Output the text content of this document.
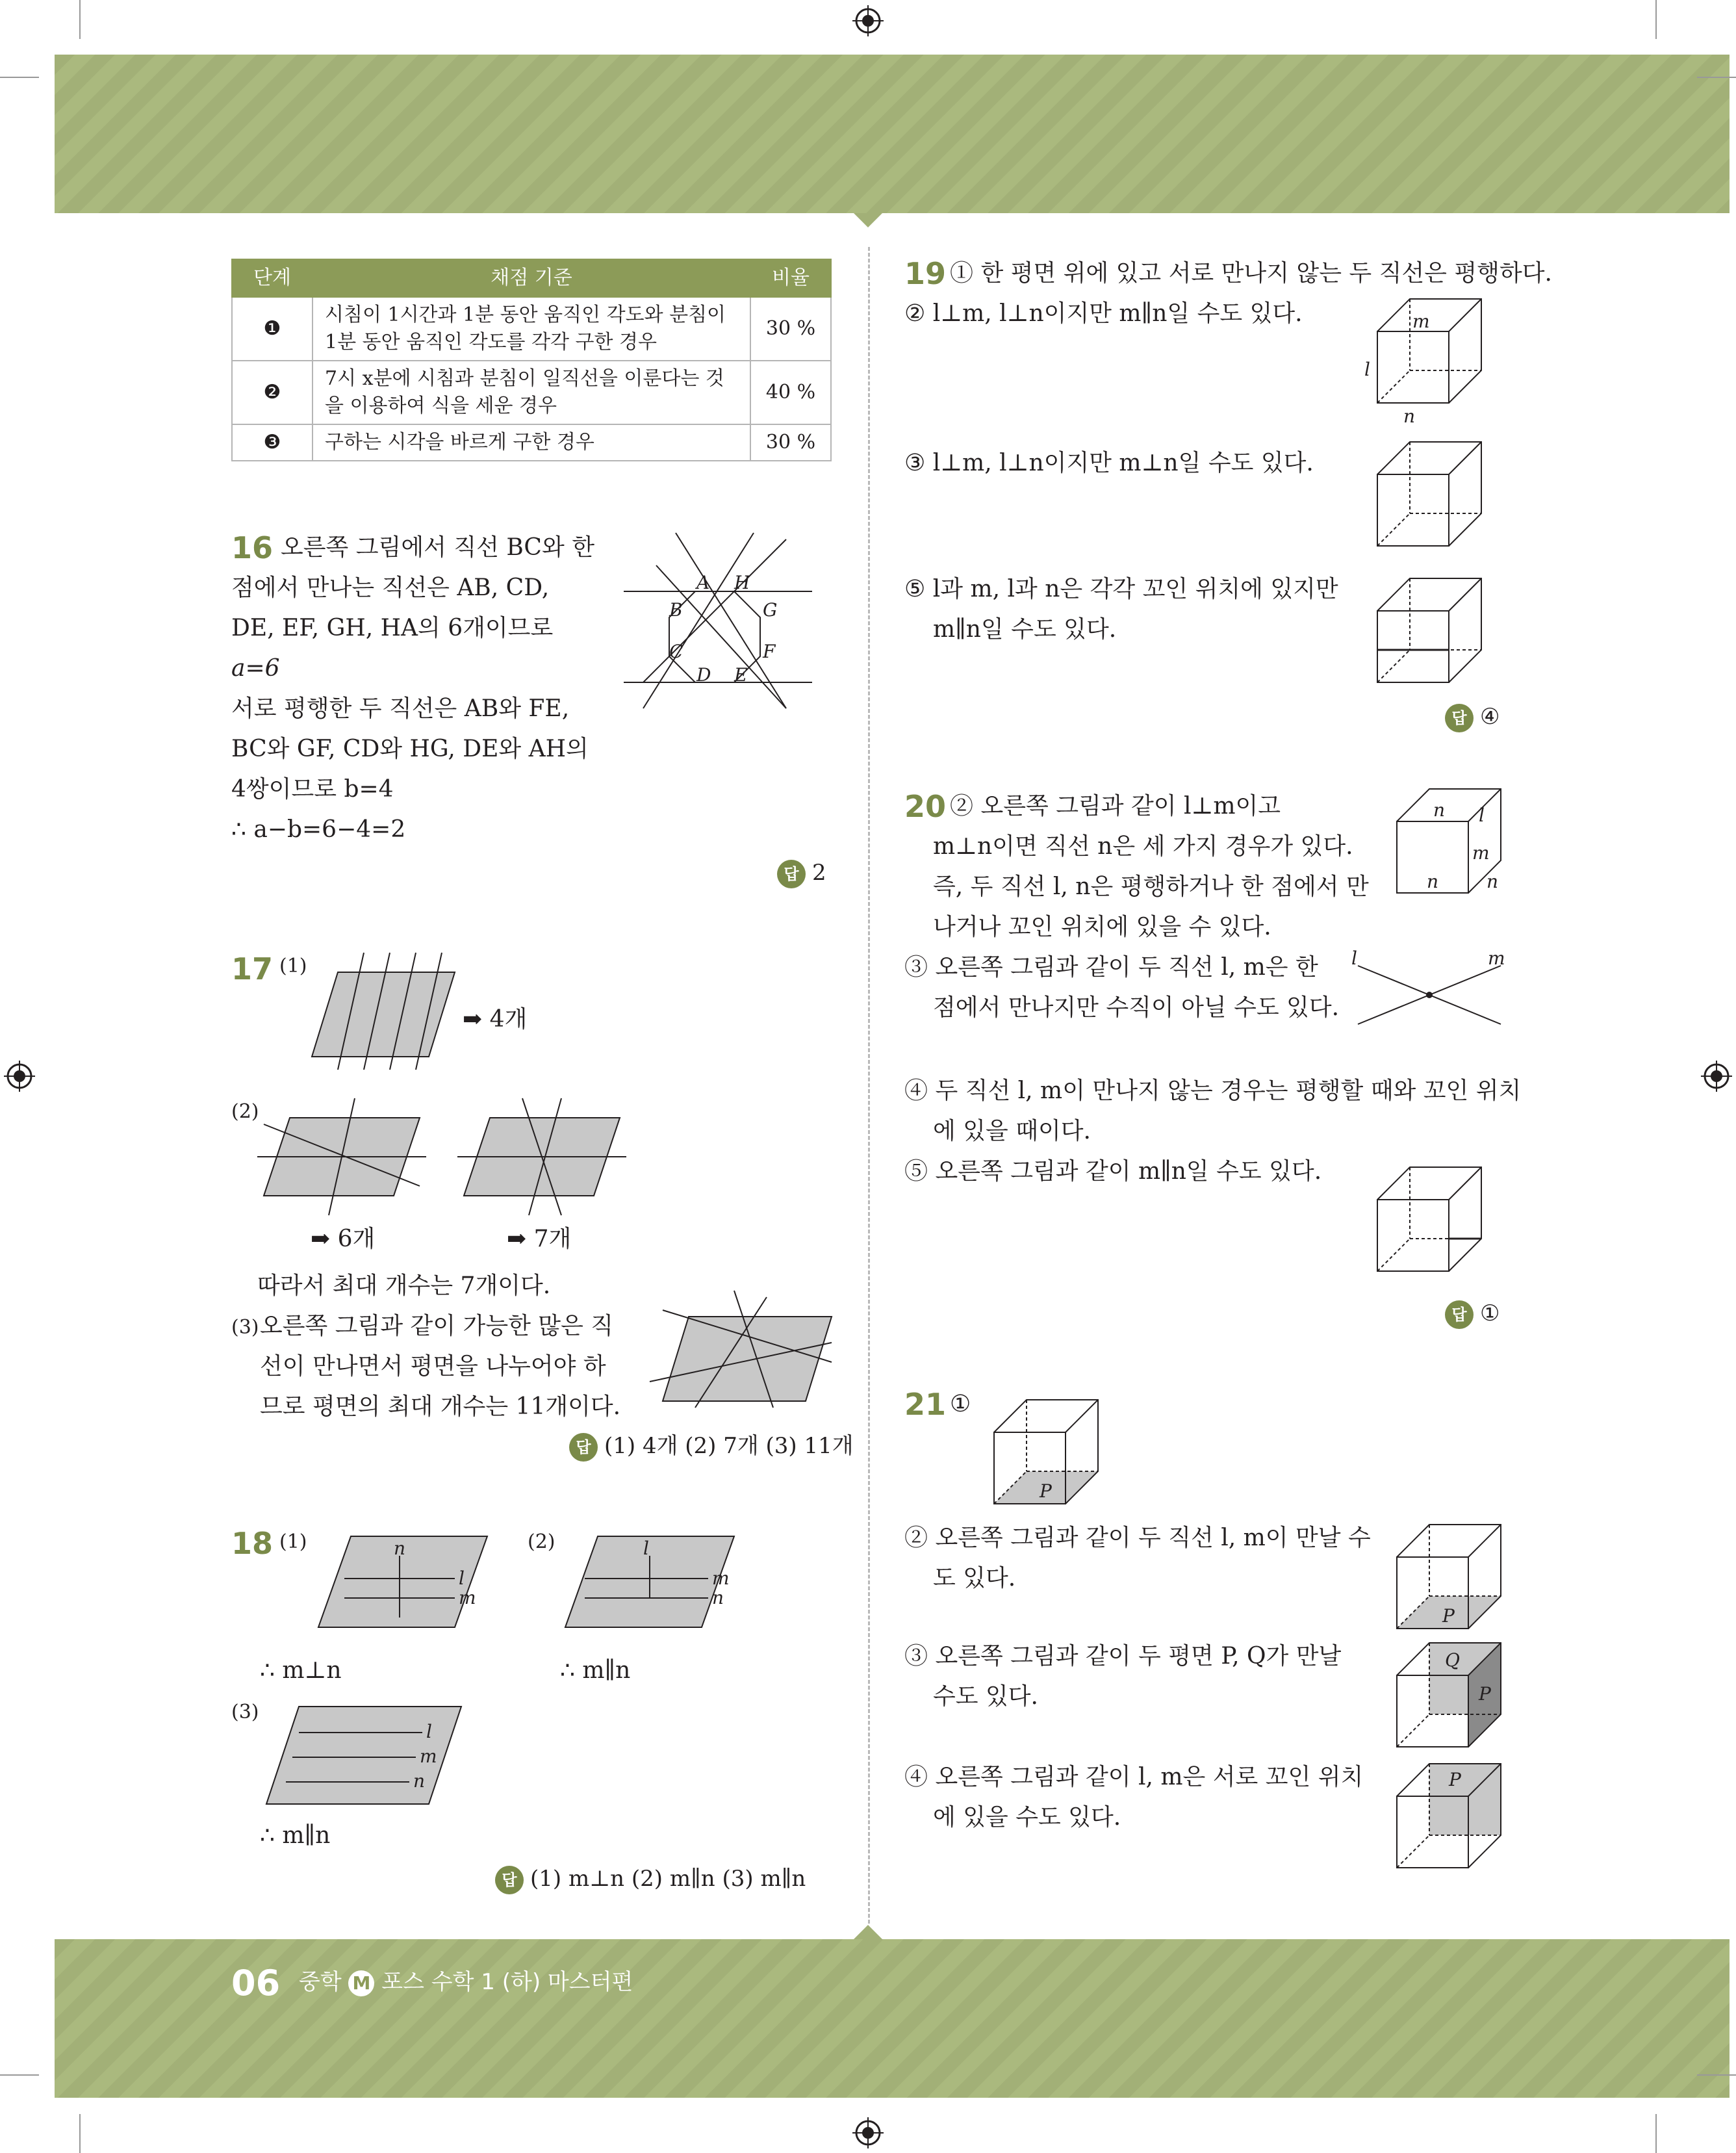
단계	채점 기준	비율
❶	시침이 1시간과 1분 동안 움직인 각도와 분침이
1분 동안 움직인 각도를 각각 구한 경우	30 %
❷	7시 x분에 시침과 분침이 일직선을 이룬다는 것
을 이용하여 식을 세운 경우	40 %
❸	구하는 시각을 바르게 구한 경우	30 %
16 오른쪽 그림에서 직선 BC와 한
점에서 만나는 직선은 AB, CD,
DE, EF, GH, HA의 6개이므로
a=6
서로 평행한 두 직선은 AB와 FE,
BC와 GF, CD와 HG, DE와 AH의
4쌍이므로 b=4
∴ a−b=6−4=2
답 2
A H
B	G
C	F
D E
17 (1)
➡ 4개
(2)
➡ 6개	➡ 7개
따라서 최대 개수는 7개이다.
(3) 오른쪽 그림과 같이 가능한 많은 직
선이 만나면서 평면을 나누어야 하
므로 평면의 최대 개수는 11개이다.
답 (1) 4개 (2) 7개 (3) 11개
18 (1)	n
l
m
(2)	l
m
n
∴ m⊥n	∴ m∥n
(3)
l
m
n
∴ m∥n
답 (1) m⊥n (2) m∥n (3) m∥n
19 ① 한 평면 위에 있고 서로 만나지 않는 두 직선은 평행하다.
② l⊥m, l⊥n이지만 m∥n일 수도 있다.	m
l
n
③ l⊥m, l⊥n이지만 m⊥n일 수도 있다.
⑤ l과 m, l과 n은 각각 꼬인 위치에 있지만
m∥n일 수도 있다.
답 ④
20 ② 오른쪽 그림과 같이 l⊥m이고
m⊥n이면 직선 n은 세 가지 경우가 있다.
즉, 두 직선 l, n은 평행하거나 한 점에서 만
나거나 꼬인 위치에 있을 수 있다.
n l
m
n	n
③ 오른쪽 그림과 같이 두 직선 l, m은 한
점에서 만나지만 수직이 아닐 수도 있다.
l	m
④ 두 직선 l, m이 만나지 않는 경우는 평행할 때와 꼬인 위치
에 있을 때이다.
⑤ 오른쪽 그림과 같이 m∥n일 수도 있다.
답 ①
21 ①
P
② 오른쪽 그림과 같이 두 직선 l, m이 만날 수
도 있다.
P
③ 오른쪽 그림과 같이 두 평면 P, Q가 만날
수도 있다.
Q
P
④ 오른쪽 그림과 같이 l, m은 서로 꼬인 위치
에 있을 수도 있다.
P
06 중학 M 포스 수학 1 (하) 마스터편
